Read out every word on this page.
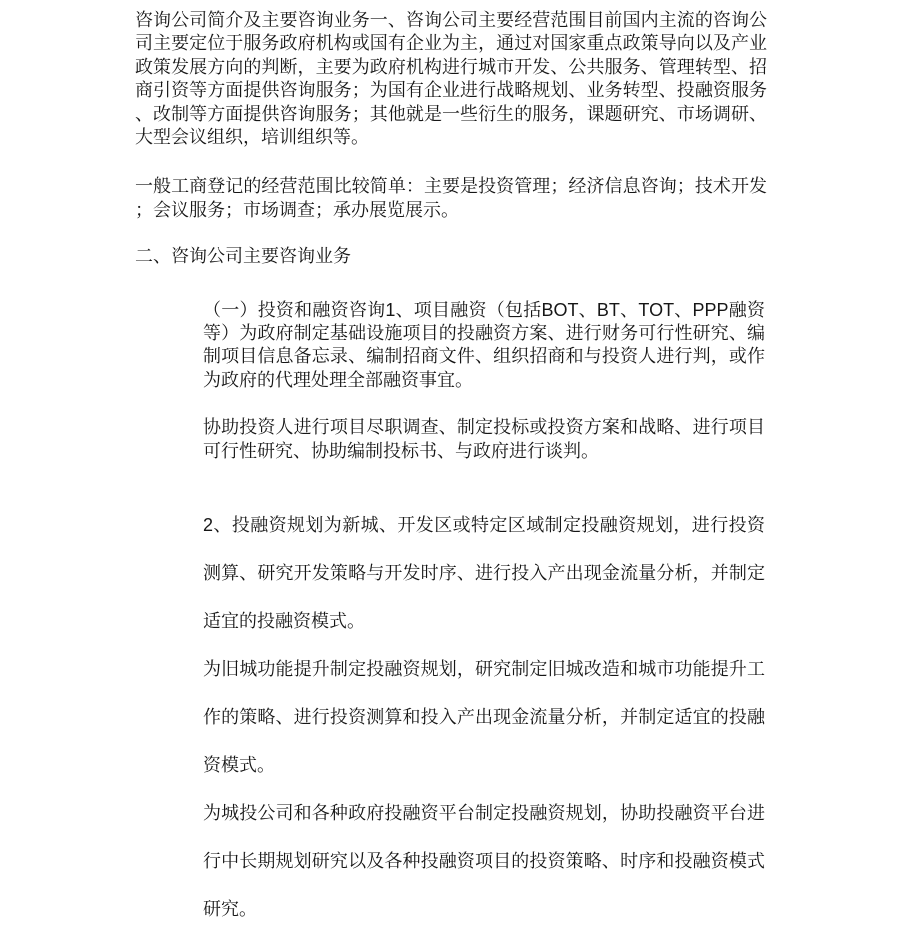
咨询公司简介及主要咨询业务一、咨询公司主要经营范围目前国内主流的咨询公司主要定位于服务政府机构或国有企业为主，通过对国家重点政策导向以及产业政策发展方向的判断，主要为政府机构进行城市开发、公共服务、管理转型、招商引资等方面提供咨询服务；为国有企业进行战略规划、业务转型、投融资服务、改制等方面提供咨询服务；其他就是一些衍生的服务，课题研究、市场调研、大型会议组织，培训组织等。

一般工商登记的经营范围比较简单：主要是投资管理；经济信息咨询；技术开发；会议服务；市场调查；承办展览展示。

二、咨询公司主要咨询业务

（一）投资和融资咨询1、项目融资（包括BOT、BT、TOT、PPP融资等）为政府制定基础设施项目的投融资方案、进行财务可行性研究、编制项目信息备忘录、编制招商文件、组织招商和与投资人进行判，或作为政府的代理处理全部融资事宜。

协助投资人进行项目尽职调查、制定投标或投资方案和战略、进行项目可行性研究、协助编制投标书、与政府进行谈判。

2、投融资规划为新城、开发区或特定区域制定投融资规划，进行投资测算、研究开发策略与开发时序、进行投入产出现金流量分析，并制定适宜的投融资模式。

为旧城功能提升制定投融资规划，研究制定旧城改造和城市功能提升工作的策略、进行投资测算和投入产出现金流量分析，并制定适宜的投融资模式。

为城投公司和各种政府投融资平台制定投融资规划，协助投融资平台进行中长期规划研究以及各种投融资项目的投资策略、时序和投融资模式研究。
